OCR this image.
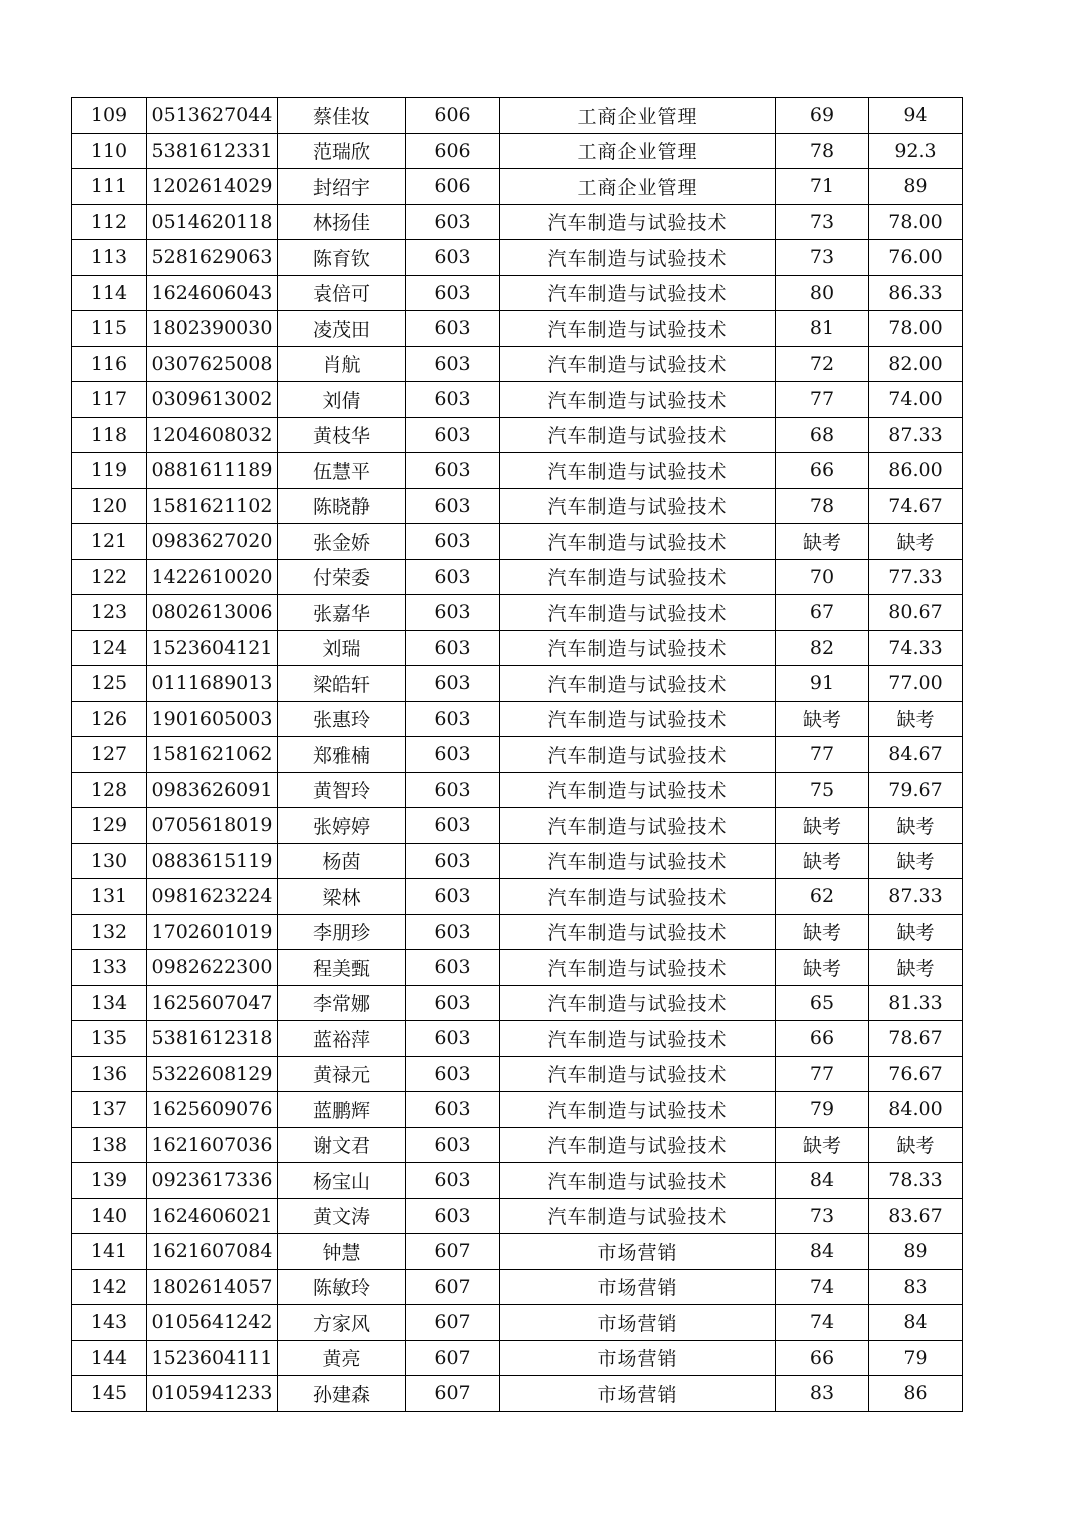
109	0513627044	蔡佳妆	606	工商企业管理	69	94
110	5381612331	范瑞欣	606	工商企业管理	78	92.3
111	1202614029	封绍宇	606	工商企业管理	71	89
112	0514620118	林扬佳	603	汽车制造与试验技术	73	78.00
113	5281629063	陈育钦	603	汽车制造与试验技术	73	76.00
114	1624606043	袁倍可	603	汽车制造与试验技术	80	86.33
115	1802390030	凌茂田	603	汽车制造与试验技术	81	78.00
116	0307625008	肖航	603	汽车制造与试验技术	72	82.00
117	0309613002	刘倩	603	汽车制造与试验技术	77	74.00
118	1204608032	黄枝华	603	汽车制造与试验技术	68	87.33
119	0881611189	伍慧平	603	汽车制造与试验技术	66	86.00
120	1581621102	陈晓静	603	汽车制造与试验技术	78	74.67
121	0983627020	张金娇	603	汽车制造与试验技术	缺考	缺考
122	1422610020	付荣委	603	汽车制造与试验技术	70	77.33
123	0802613006	张嘉华	603	汽车制造与试验技术	67	80.67
124	1523604121	刘瑞	603	汽车制造与试验技术	82	74.33
125	0111689013	梁皓轩	603	汽车制造与试验技术	91	77.00
126	1901605003	张惠玲	603	汽车制造与试验技术	缺考	缺考
127	1581621062	郑雅楠	603	汽车制造与试验技术	77	84.67
128	0983626091	黄智玲	603	汽车制造与试验技术	75	79.67
129	0705618019	张婷婷	603	汽车制造与试验技术	缺考	缺考
130	0883615119	杨茵	603	汽车制造与试验技术	缺考	缺考
131	0981623224	梁林	603	汽车制造与试验技术	62	87.33
132	1702601019	李朋珍	603	汽车制造与试验技术	缺考	缺考
133	0982622300	程美甄	603	汽车制造与试验技术	缺考	缺考
134	1625607047	李常娜	603	汽车制造与试验技术	65	81.33
135	5381612318	蓝裕萍	603	汽车制造与试验技术	66	78.67
136	5322608129	黄禄元	603	汽车制造与试验技术	77	76.67
137	1625609076	蓝鹏辉	603	汽车制造与试验技术	79	84.00
138	1621607036	谢文君	603	汽车制造与试验技术	缺考	缺考
139	0923617336	杨宝山	603	汽车制造与试验技术	84	78.33
140	1624606021	黄文涛	603	汽车制造与试验技术	73	83.67
141	1621607084	钟慧	607	市场营销	84	89
142	1802614057	陈敏玲	607	市场营销	74	83
143	0105641242	方家风	607	市场营销	74	84
144	1523604111	黄亮	607	市场营销	66	79
145	0105941233	孙建森	607	市场营销	83	86
